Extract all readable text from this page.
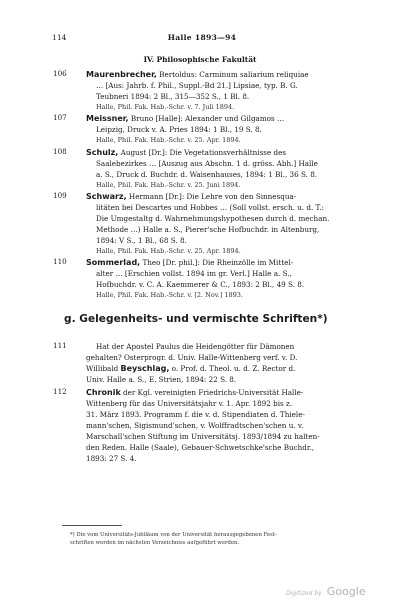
114	Halle 1893—94
IV. Philosophische Fakultät
106 Maurenbrecher, Bertoldus: Carminum saliarium reliquiae
… [Aus: Jahrb. f. Phil., Suppl.-Bd 21.] Lipsiae, typ. B. G.
Teubneri 1894: 2 Bl., 315—352 S., 1 Bl. 8.
Halle, Phil. Fak. Hab.-Schr. v. 7. Juli 1894.
107 Meissner, Bruno [Halle]: Alexander und Gilgamos …
Leipzig, Druck v. A. Pries 1894: 1 Bl., 19 S. 8.
Halle, Phil. Fak. Hab.-Schr. v. 25. Apr. 1894.
108 Schulz, August [Dr.]: Die Vegetationsverhältnisse des
Saalebezirkes … [Auszug aus Abschn. 1 d. gröss. Abh.] Halle
a. S., Druck d. Buchdr. d. Waisenhauses, 1894: 1 Bl., 36 S. 8.
Halle, Phil. Fak. Hab.-Schr. v. 25. Juni 1894.
109 Schwarz, Hermann [Dr.]: Die Lehre von den Sinnesqua-
litäten bei Descartes und Hobbes … (Soll vollst. ersch. u. d. T.:
Die Umgestaltg d. Wahrnehmungshypothesen durch d. mechan.
Methode …) Halle a. S., Pierer'sche Hofbuchdr. in Altenburg,
1894: V S., 1 Bl., 68 S. 8.
Halle, Phil. Fak. Hab.-Schr. v. 25. Apr. 1894.
110 Sommerlad, Theo [Dr. phil.]: Die Rheinzölle im Mittel-
alter … [Erschien vollst. 1894 im gr. Verl.] Halle a. S.,
Hofbuchdr. v. C. A. Kaemmerer & C., 1893: 2 Bl., 49 S. 8.
Halle, Phil. Fak. Hab.-Schr. v. [2. Nov.] 1893.
g. Gelegenheits- und vermischte Schriften*)
111	Hat der Apostel Paulus die Heidengötter für Dämonen
gehalten? Osterprogr. d. Univ. Halle-Wittenberg verf. v. D.
Willibald Beyschlag, o. Prof. d. Theol. u. d. Z. Rector d.
Univ. Halle a. S., E. Strien, 1894: 22 S. 8.
112 Chronik der Kgl. vereinigten Friedrichs-Universität Halle-
Wittenberg für das Universitätsjahr v. 1. Apr. 1892 bis z.
31. März 1893. Programm f. die v. d. Stipendiaten d. Thiele-
mann'schen, Sigismund'schen, v. Wolffradtschen'schen u. v.
Marschall'schen Stiftung im Universitätsj. 1893/1894 zu halten-
den Reden. Halle (Saale), Gebauer-Schwetschke'sche Buchdr.,
1893: 27 S. 4.
*) Die vom Universitäts-Jubiläum von der Universität herausgegebenen Fest-
schriften werden im nächsten Verzeichniss aufgeführt werden.
Digitized by Google
